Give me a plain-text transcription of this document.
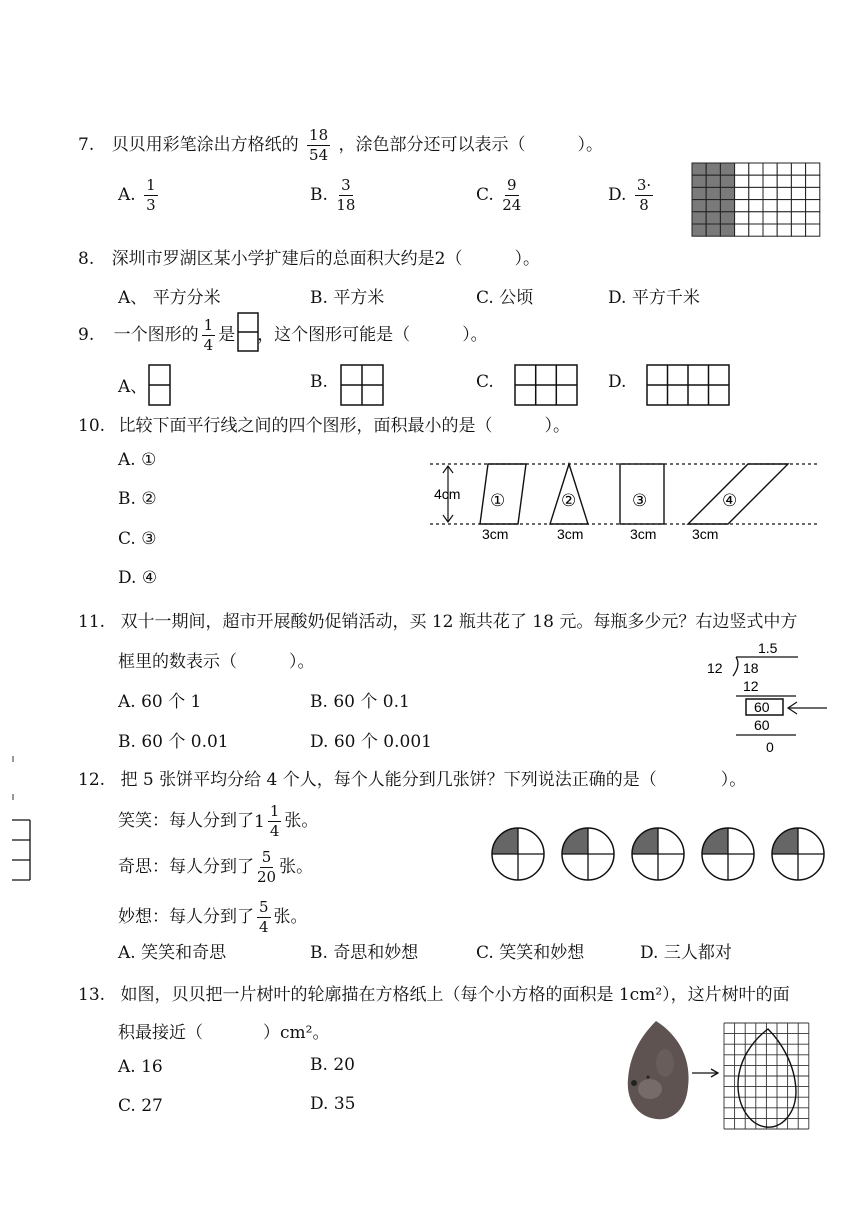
7. 贝贝用彩笔涂出方格纸的 $\frac{18}{54}$ ，涂色部分还可以表示（	）。
A. $\frac{1}{3}$	B. $\frac{3}{18}$	C. $\frac{9}{24}$	D. $\frac{3\cdot}{8}$
8. 深圳市罗湖区某小学扩建后的总面积大约是2（	）。
A、 平方分米	B. 平方米	C. 公顷	D. 平方千米
9. 一个图形的 $\frac{1}{4}$ 是 ，这个图形可能是（	）。
A、	B.	C.	D.
10. 比较下面平行线之间的四个图形，面积最小的是（	）。
A. ①
B. ②
C. ③
D. ④
4cm ①	②	③	④
3cm	3cm	3cm	3cm
11. 双十一期间，超市开展酸奶促销活动，买 12 瓶共花了 18 元。每瓶多少元？右边竖式中方
框里的数表示（	）。
A. 60 个 1	B. 60 个 0.1
B. 60 个 0.01	D. 60 个 0.001
1.5
12 18
12
60
60
0
12. 把 5 张饼平均分给 4 个人，每个人能分到几张饼？下列说法正确的是（	）。
笑笑：每人分到了 $1 \frac{1}{4}$ 张。
奇思：每人分到了 $\frac{5}{20}$ 张。
妙想：每人分到了 $\frac{5}{4}$ 张。
A. 笑笑和奇思	B. 奇思和妙想	C. 笑笑和妙想	D. 三人都对
13. 如图，贝贝把一片树叶的轮廓描在方格纸上（每个小方格的面积是 1cm²），这片树叶的面
积最接近（	）cm²。
A. 16	B. 20
C. 27	D. 35
